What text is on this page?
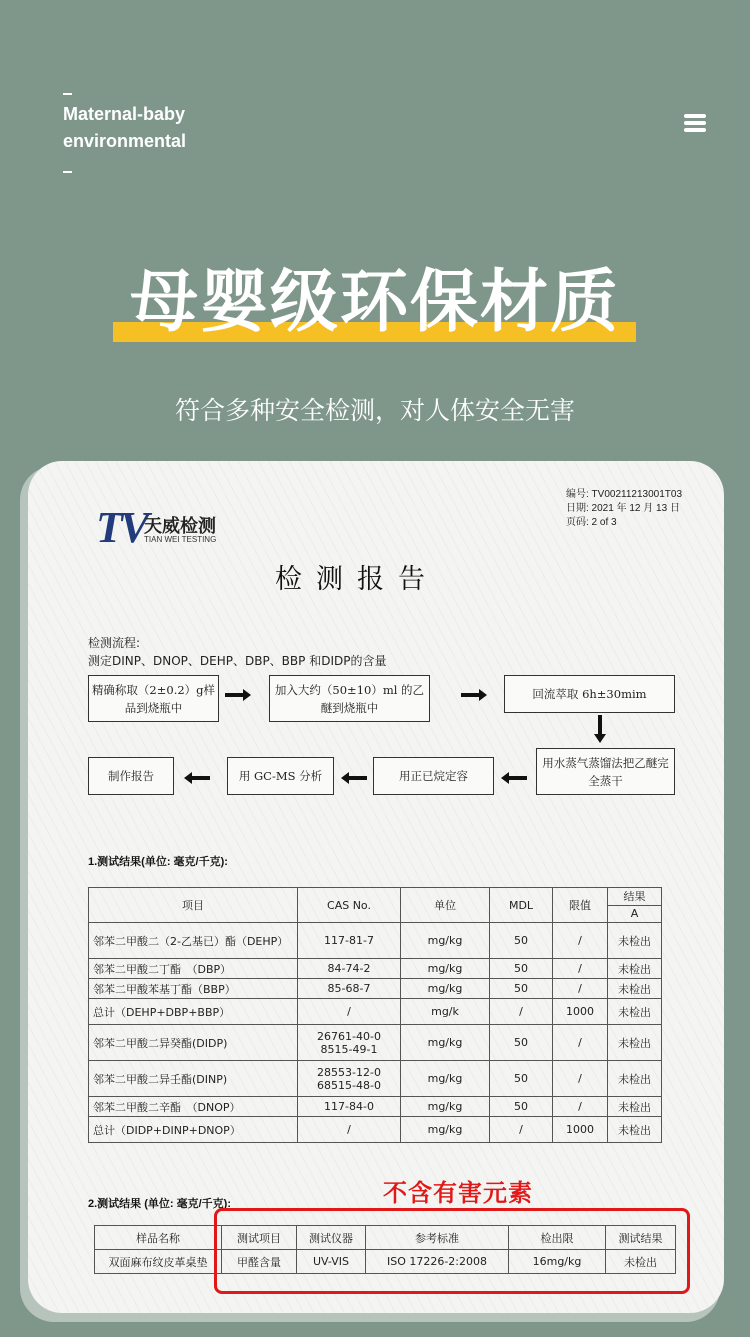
Maternal-baby
environmental
母婴级环保材质
符合多种安全检测，对人体安全无害
TV
天威检测
TIAN WEI TESTING
编号: TV00211213001T03
日期: 2021 年 12 月 13 日
页码: 2 of 3
检测报告
检测流程:
测定DINP、DNOP、DEHP、DBP、BBP 和DIDP的含量
精确称取（2±0.2）g样品到烧瓶中
加入大约（50±10）ml 的乙醚到烧瓶中
回流萃取 6h±30mim
用水蒸气蒸馏法把乙醚完全蒸干
用正已烷定容
用 GC-MS 分析
制作报告
1.测试结果(单位: 毫克/千克):
项目	CAS No.	单位	MDL	限值	结果
					A
邻苯二甲酸二（2-乙基已）酯（DEHP）	117-81-7	mg/kg	50	/	未检出
邻苯二甲酸二丁酯　（DBP）	84-74-2	mg/kg	50	/	未检出
邻苯二甲酸苯基丁酯（BBP）	85-68-7	mg/kg	50	/	未检出
总计（DEHP+DBP+BBP）	/	mg/k	/	1000	未检出
邻苯二甲酸二异癸酯(DIDP)	26761-40-0 8515-49-1	mg/kg	50	/	未检出
邻苯二甲酸二异壬酯(DINP)	28553-12-0 68515-48-0	mg/kg	50	/	未检出
邻苯二甲酸二辛酯　（DNOP）	117-84-0	mg/kg	50	/	未检出
总计（DIDP+DINP+DNOP）	/	mg/kg	/	1000	未检出
2.测试结果 (单位: 毫克/千克):	不含有害元素
样品名称	测试项目	测试仪器	参考标准	检出限	测试结果
双面麻布纹皮革桌垫	甲醛含量	UV-VIS	ISO 17226-2:2008	16mg/kg	未检出
